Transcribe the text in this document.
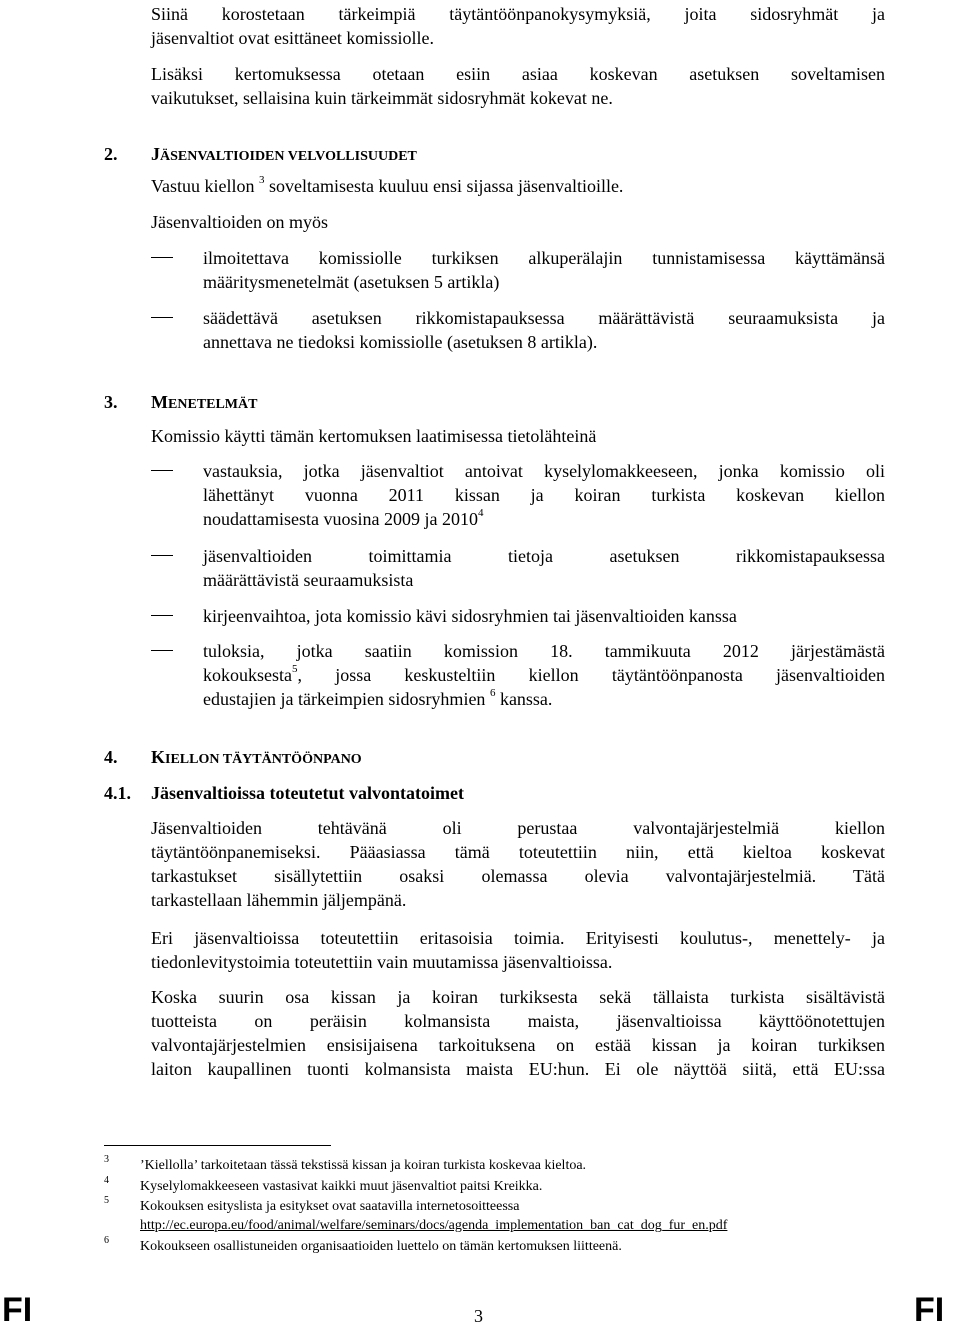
Siinä korostetaan tärkeimpiä täytäntöönpanokysymyksiä, joita sidosryhmät ja
jäsenvaltiot ovat esittäneet komissiolle.
Lisäksi kertomuksessa otetaan esiin asiaa koskevan asetuksen soveltamisen
vaikutukset, sellaisina kuin tärkeimmät sidosryhmät kokevat ne.
2. JÄSENVALTIOIDEN VELVOLLISUUDET
Vastuu kiellon $^3$ soveltamisesta kuuluu ensi sijassa jäsenvaltioille.
Jäsenvaltioiden on myös
ilmoitettava komissiolle turkiksen alkuperälajin tunnistamisessa käyttämänsä
määritysmenetelmät (asetuksen 5 artikla)
säädettävä asetuksen rikkomistapauksessa määrättävistä seuraamuksista ja
annettava ne tiedoksi komissiolle (asetuksen 8 artikla).
3. MENETELMÄT
Komissio käytti tämän kertomuksen laatimisessa tietolähteinä
vastauksia, jotka jäsenvaltiot antoivat kyselylomakkeeseen, jonka komissio oli
lähettänyt vuonna 2011 kissan ja koiran turkista koskevan kiellon
noudattamisesta vuosina 2009 ja 2010$^4$
jäsenvaltioiden toimittamia tietoja asetuksen rikkomistapauksessa
määrättävistä seuraamuksista
kirjeenvaihtoa, jota komissio kävi sidosryhmien tai jäsenvaltioiden kanssa
tuloksia, jotka saatiin komission 18. tammikuuta 2012 järjestämästä
kokouksesta$^5$, jossa keskusteltiin kiellon täytäntöönpanosta jäsenvaltioiden
edustajien ja tärkeimpien sidosryhmien $^6$ kanssa.
4. KIELLON TÄYTÄNTÖÖNPANO
4.1. Jäsenvaltioissa toteutetut valvontatoimet
Jäsenvaltioiden tehtävänä oli perustaa valvontajärjestelmiä kiellon
täytäntöönpanemiseksi. Pääasiassa tämä toteutettiin niin, että kieltoa koskevat
tarkastukset sisällytettiin osaksi olemassa olevia valvontajärjestelmiä. Tätä
tarkastellaan lähemmin jäljempänä.
Eri jäsenvaltioissa toteutettiin eritasoisia toimia. Erityisesti koulutus-, menettely- ja
tiedonlevitystoimia toteutettiin vain muutamissa jäsenvaltioissa.
Koska suurin osa kissan ja koiran turkiksesta sekä tällaista turkista sisältävistä
tuotteista on peräisin kolmansista maista, jäsenvaltioissa käyttöönotettujen
valvontajärjestelmien ensisijaisena tarkoituksena on estää kissan ja koiran turkiksen
laiton kaupallinen tuonti kolmansista maista EU:hun. Ei ole näyttöä siitä, että EU:ssa
3 ’Kiellolla’ tarkoitetaan tässä tekstissä kissan ja koiran turkista koskevaa kieltoa.
4 Kyselylomakkeeseen vastasivat kaikki muut jäsenvaltiot paitsi Kreikka.
5 Kokouksen esityslista ja esitykset ovat saatavilla internetosoitteessa
http://ec.europa.eu/food/animal/welfare/seminars/docs/agenda_implementation_ban_cat_dog_fur_en.pdf
6 Kokoukseen osallistuneiden organisaatioiden luettelo on tämän kertomuksen liitteenä.
FI	3	FI
